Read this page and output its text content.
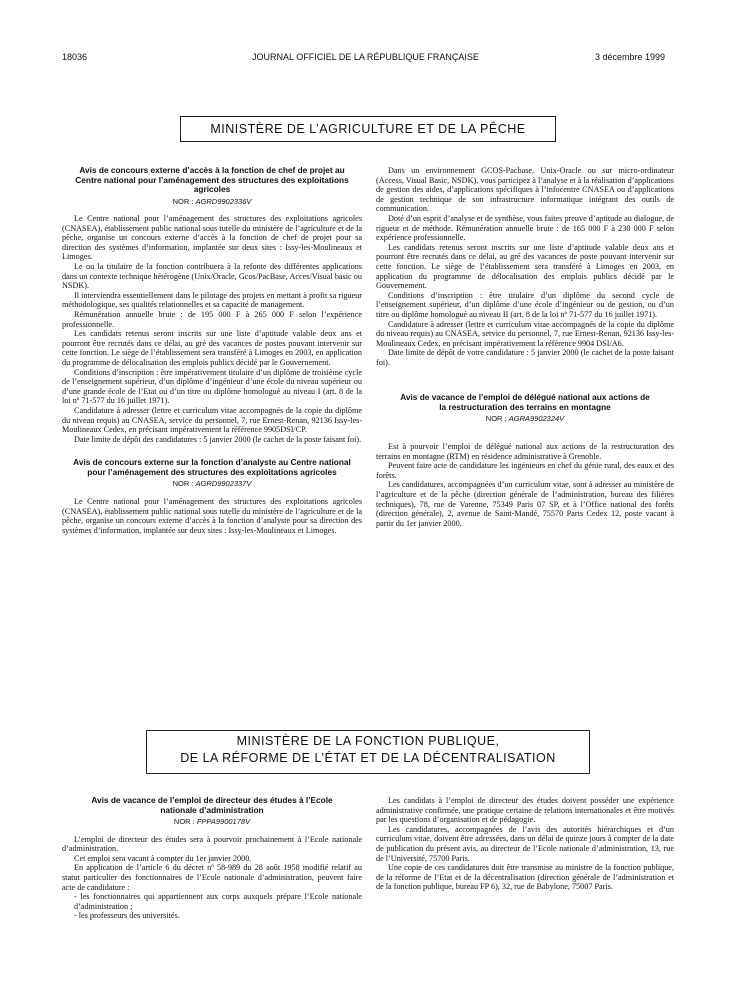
18036	JOURNAL OFFICIEL DE LA RÉPUBLIQUE FRANÇAISE	3 décembre 1999
MINISTÈRE DE L’AGRICULTURE ET DE LA PÊCHE
Avis de concours externe d’accès à la fonction de chef de projet au Centre national pour l’aménagement des structures des exploitations agricoles
NOR : AGRD9902336V

Le Centre national pour l’aménagement des structures des exploitations agricoles (CNASEA), établissement public national sous tutelle du ministère de l’agriculture et de la pêche, organise un concours externe d’accès à la fonction de chef de projet pour sa direction des systèmes d’information, implantée sur deux sites : Issy-les-Moulineaux et Limoges.

Le ou la titulaire de la fonction contribuera à la refonte des différentes applications dans un contexte technique hétérogène (Unix/Oracle, Gcos/PacBase, Acces/Visual basic ou NSDK).

Il interviendra essentiellement dans le pilotage des projets en mettant à profit sa rigueur méthodologique, ses qualités relationnelles et sa capacité de management.

Rémunération annuelle brute : de 195 000 F à 265 000 F selon l’expérience professionnelle.

Les candidats retenus seront inscrits sur une liste d’aptitude valable deux ans et pourront être recrutés dans ce délai, au gré des vacances de postes pouvant intervenir sur cette fonction. Le siège de l’établissement sera transféré à Limoges en 2003, en application du programme de délocalisation des emplois publics décidé par le Gouvernement.

Conditions d’inscription : être impérativement titulaire d’un diplôme de troisième cycle de l’enseignement supérieur, d’un diplôme d’ingénieur d’une école du niveau supérieur ou d’une grande école de l’Etat ou d’un titre ou diplôme homologué au niveau I (art. 8 de la loi nº 71-577 du 16 juillet 1971).

Candidature à adresser (lettre et curriculum vitae accompagnés de la copie du diplôme du niveau requis) au CNASEA, service du personnel, 7, rue Ernest-Renan, 92136 Issy-les-Moulineaux Cedex, en précisant impérativement la référence 9905DSI/CP.

Date limite de dépôt des candidatures : 5 janvier 2000 (le cachet de la poste faisant foi).

Avis de concours externe sur la fonction d’analyste au Centre national pour l’aménagement des structures des exploitations agricoles
NOR : AGRD9902337V

Le Centre national pour l’aménagement des structures des exploitations agricoles (CNASEA), établissement public national sous tutelle du ministère de l’agriculture et de la pêche, organise un concours externe d’accès à la fonction d’analyste pour sa direction des systèmes d’information, implantée sur deux sites : Issy-les-Moulineaux et Limoges.

Dans un environnement GCOS-Pacbase, Unix-Oracle ou sur micro-ordinateur (Access, Visual Basic, NSDK), vous participez à l’analyse et à la réalisation d’applications de gestion des aides, d’applications spécifiques à l’infocentre CNASEA ou d’applications de gestion technique de son infrastructure informatique intégrant des outils de communication.

Doté d’un esprit d’analyse et de synthèse, vous faites preuve d’aptitude au dialogue, de rigueur et de méthode. Rémunération annuelle brute : de 165 000 F à 230 000 F selon expérience professionnelle.

Les candidats retenus seront inscrits sur une liste d’aptitude valable deux ans et pourront être recrutés dans ce délai, au gré des vacances de poste pouvant intervenir sur cette fonction. Le siège de l’établissement sera transféré à Limoges en 2003, en application du programme de délocalisation des emplois publics décidé par le Gouvernement.

Conditions d’inscription : être titulaire d’un diplôme du second cycle de l’enseignement supérieur, d’un diplôme d’une école d’ingénieur ou de gestion, ou d’un titre ou diplôme homologué au niveau II (art. 8 de la loi nº 71-577 du 16 juillet 1971).

Candidature à adresser (lettre et curriculum vitae accompagnés de la copie du diplôme du niveau requis) au CNASEA, service du personnel, 7, rue Ernest-Renan, 92136 Issy-les-Moulineaux Cedex, en précisant impérativement la référence 9904 DSI/A6.

Date limite de dépôt de votre candidature : 5 janvier 2000 (le cachet de la poste faisant foi).

Avis de vacance de l’emploi de délégué national aux actions de la restructuration des terrains en montagne
NOR : AGRA9902324V

Est à pourvoir l’emploi de délégué national aux actions de la restructuration des terrains en montagne (RTM) en résidence administrative à Grenoble.

Peuvent faire acte de candidature les ingénieurs en chef du génie rural, des eaux et des forêts.

Les candidatures, accompagnées d’un curriculum vitae, sont à adresser au ministère de l’agriculture et de la pêche (direction générale de l’administration, bureau des filières techniques), 78, rue de Varenne, 75349 Paris 07 SP, et à l’Office national des forêts (direction générale), 2, avenue de Saint-Mandé, 75570 Paris Cedex 12, poste vacant à partir du 1er janvier 2000.

MINISTÈRE DE LA FONCTION PUBLIQUE,
DE LA RÉFORME DE L’ÉTAT ET DE LA DÉCENTRALISATION
Avis de vacance de l’emploi de directeur des études à l’Ecole nationale d’administration
NOR : FPPA9900178V

L’emploi de directeur des études sera à pourvoir prochainement à l’Ecole nationale d’administration.

Cet emploi sera vacant à compter du 1er janvier 2000.

En application de l’article 6 du décret nº 58-989 du 28 août 1958 modifié relatif au statut particulier des fonctionnaires de l’Ecole nationale d’administration, peuvent faire acte de candidature :

- les fonctionnaires qui appartiennent aux corps auxquels prépare l’Ecole nationale d’administration ;
- les professeurs des universités.

Les candidats à l’emploi de directeur des études doivent posséder une expérience administrative confirmée, une pratique certaine de relations internationales et être motivés par les questions d’organisation et de pédagogie.

Les candidatures, accompagnées de l’avis des autorités hiérarchiques et d’un curriculum vitae, doivent être adressées, dans un délai de quinze jours à compter de la date de publication du présent avis, au directeur de l’Ecole nationale d’administration, 13, rue de l’Université, 75700 Paris.

Une copie de ces candidatures doit être transmise au ministre de la fonction publique, de la réforme de l’Etat et de la décentralisation (direction générale de l’administration et de la fonction publique, bureau FP 6), 32, rue de Babylone, 75007 Paris.
